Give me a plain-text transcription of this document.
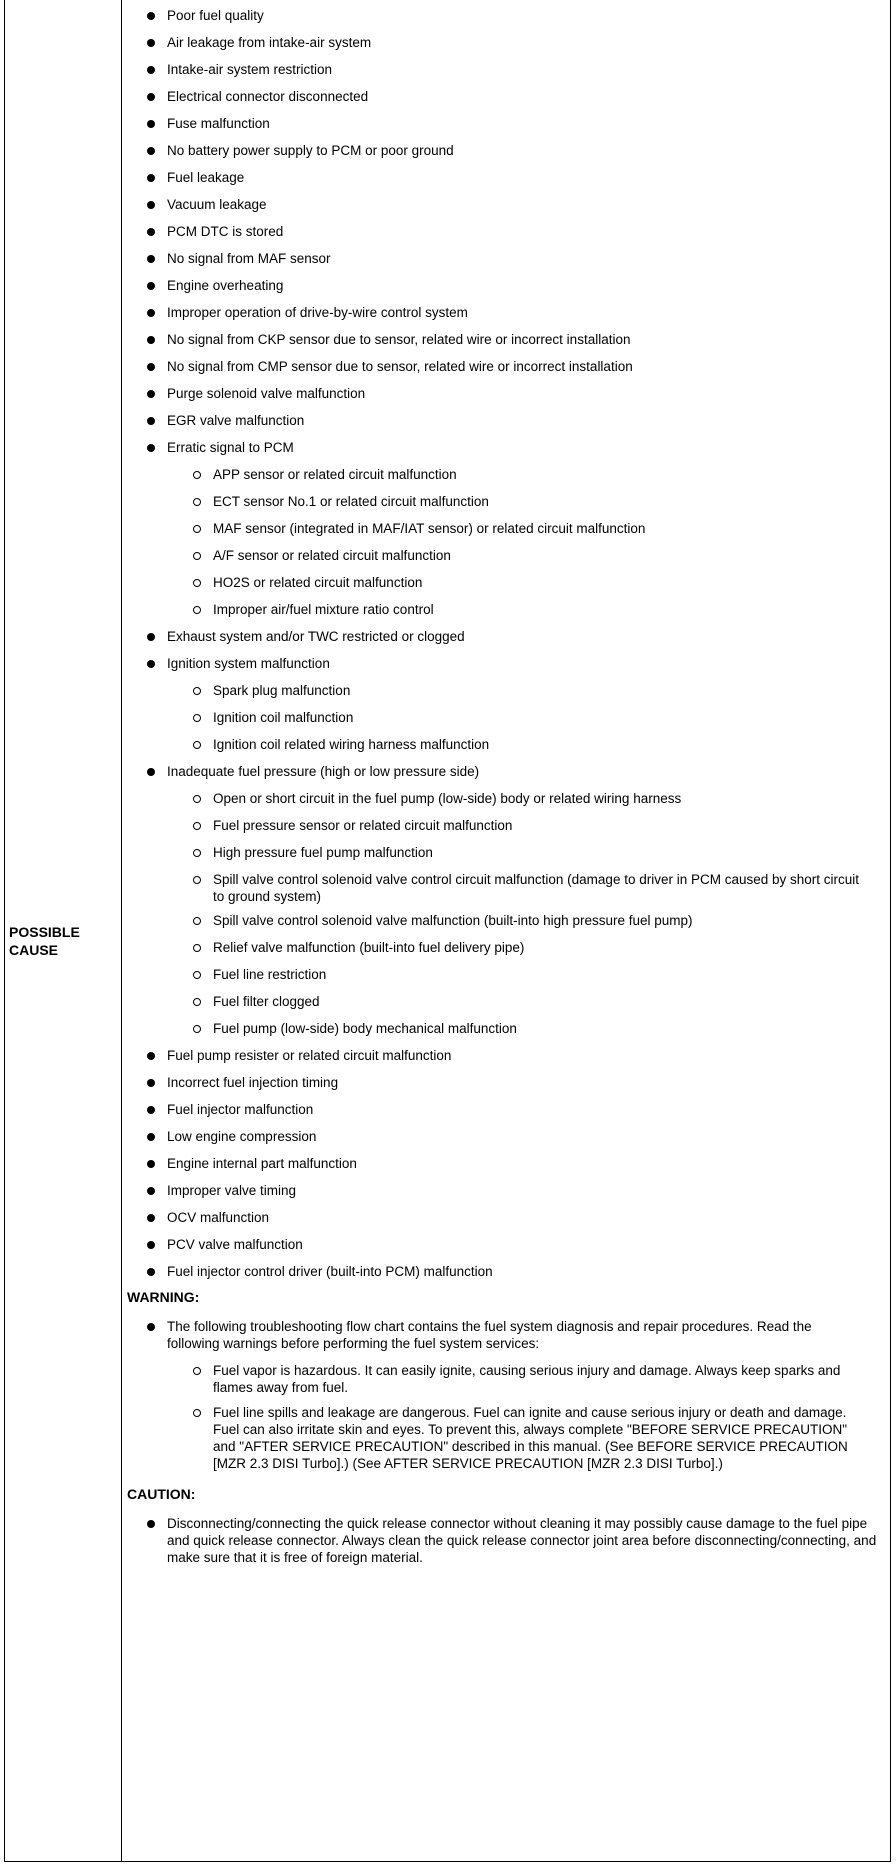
POSSIBLE
CAUSE
Poor fuel quality
Air leakage from intake-air system
Intake-air system restriction
Electrical connector disconnected
Fuse malfunction
No battery power supply to PCM or poor ground
Fuel leakage
Vacuum leakage
PCM DTC is stored
No signal from MAF sensor
Engine overheating
Improper operation of drive-by-wire control system
No signal from CKP sensor due to sensor, related wire or incorrect installation
No signal from CMP sensor due to sensor, related wire or incorrect installation
Purge solenoid valve malfunction
EGR valve malfunction
Erratic signal to PCM
APP sensor or related circuit malfunction
ECT sensor No.1 or related circuit malfunction
MAF sensor (integrated in MAF/IAT sensor) or related circuit malfunction
A/F sensor or related circuit malfunction
HO2S or related circuit malfunction
Improper air/fuel mixture ratio control
Exhaust system and/or TWC restricted or clogged
Ignition system malfunction
Spark plug malfunction
Ignition coil malfunction
Ignition coil related wiring harness malfunction
Inadequate fuel pressure (high or low pressure side)
Open or short circuit in the fuel pump (low-side) body or related wiring harness
Fuel pressure sensor or related circuit malfunction
High pressure fuel pump malfunction
Spill valve control solenoid valve control circuit malfunction (damage to driver in PCM caused by short circuit to ground system)
Spill valve control solenoid valve malfunction (built-into high pressure fuel pump)
Relief valve malfunction (built-into fuel delivery pipe)
Fuel line restriction
Fuel filter clogged
Fuel pump (low-side) body mechanical malfunction
Fuel pump resister or related circuit malfunction
Incorrect fuel injection timing
Fuel injector malfunction
Low engine compression
Engine internal part malfunction
Improper valve timing
OCV malfunction
PCV valve malfunction
Fuel injector control driver (built-into PCM) malfunction
WARNING:
The following troubleshooting flow chart contains the fuel system diagnosis and repair procedures. Read the following warnings before performing the fuel system services:
Fuel vapor is hazardous. It can easily ignite, causing serious injury and damage. Always keep sparks and flames away from fuel.
Fuel line spills and leakage are dangerous. Fuel can ignite and cause serious injury or death and damage. Fuel can also irritate skin and eyes. To prevent this, always complete "BEFORE SERVICE PRECAUTION" and "AFTER SERVICE PRECAUTION" described in this manual. (See BEFORE SERVICE PRECAUTION [MZR 2.3 DISI Turbo].) (See AFTER SERVICE PRECAUTION [MZR 2.3 DISI Turbo].)
CAUTION:
Disconnecting/connecting the quick release connector without cleaning it may possibly cause damage to the fuel pipe and quick release connector. Always clean the quick release connector joint area before disconnecting/connecting, and make sure that it is free of foreign material.
